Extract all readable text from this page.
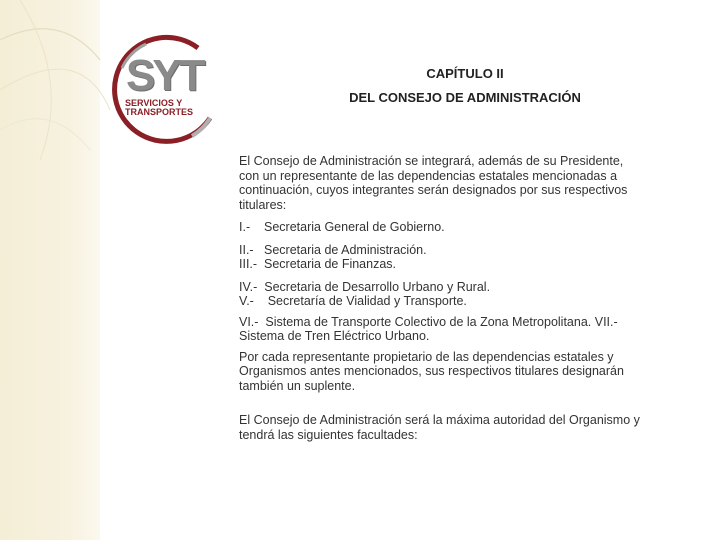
SYT
SERVICIOS Y
TRANSPORTES
CAPÍTULO II
DEL CONSEJO DE ADMINISTRACIÓN
El Consejo de Administración se integrará, además de su Presidente,
con un representante de las dependencias estatales mencionadas a
continuación, cuyos integrantes serán designados por sus respectivos
titulares:
I.-    Secretaria General de Gobierno.
II.-   Secretaria de Administración.
III.-  Secretaria de Finanzas.
IV.-  Secretaria de Desarrollo Urbano y Rural.
V.-    Secretaría de Vialidad y Transporte.
VI.-  Sistema de Transporte Colectivo de la Zona Metropolitana. VII.-
Sistema de Tren Eléctrico Urbano.
Por cada representante propietario de las dependencias estatales y
Organismos antes mencionados, sus respectivos titulares designarán
también un suplente.
El Consejo de Administración será la máxima autoridad del Organismo y
tendrá las siguientes facultades:
